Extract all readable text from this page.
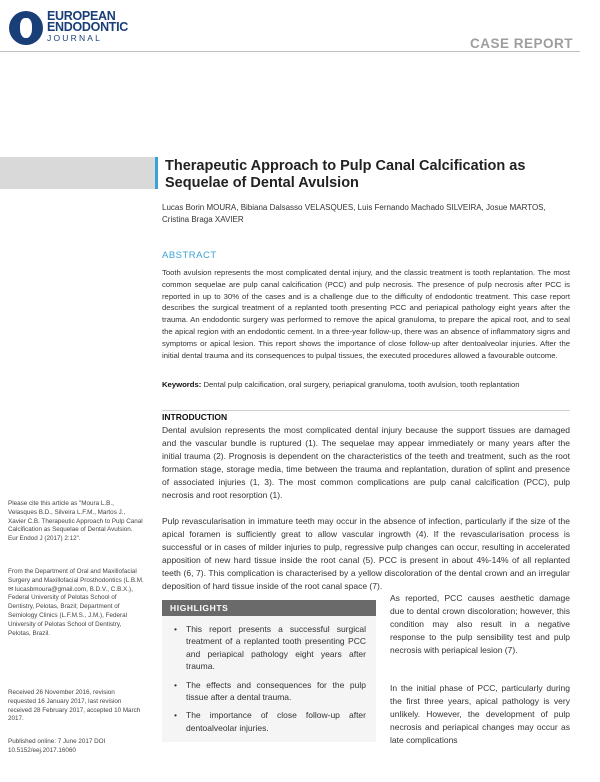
EUROPEAN
ENDODONTIC
JOURNAL	CASE REPORT
Therapeutic Approach to Pulp Canal Calcification as Sequelae of Dental Avulsion
Lucas Borin MOURA, Bibiana Dalsasso VELASQUES, Luis Fernando Machado SILVEIRA, Josue MARTOS, Cristina Braga XAVIER
ABSTRACT

Tooth avulsion represents the most complicated dental injury, and the classic treatment is tooth replantation. The most common sequelae are pulp canal calcification (PCC) and pulp necrosis. The presence of pulp necrosis after PCC is reported in up to 30% of the cases and is a challenge due to the difficulty of endodontic treatment. This case report describes the surgical treatment of a replanted tooth presenting PCC and periapical pathology eight years after the trauma. An endodontic surgery was performed to remove the apical granuloma, to prepare the apical root, and to seal the apical region with an endodontic cement. In a three-year follow-up, there was an absence of inflammatory signs and symptoms or apical lesion. This report shows the importance of close follow-up after dentoalveolar injuries. After the initial dental trauma and its consequences to pulpal tissues, the executed procedures allowed a favourable outcome.

Keywords: Dental pulp calcification, oral surgery, periapical granuloma, tooth avulsion, tooth replantation

INTRODUCTION

Dental avulsion represents the most complicated dental injury because the support tissues are damaged and the vascular bundle is ruptured (1). The sequelae may appear immediately or many years after the initial trauma (2). Prognosis is dependent on the characteristics of the teeth and treatment, such as the root formation stage, storage media, time between the trauma and replantation, duration of splint and presence of associated injuries (1, 3). The most common complications are pulp canal calcification (PCC), pulp necrosis and root resorption (1).

Pulp revascularisation in immature teeth may occur in the absence of infection, particularly if the size of the apical foramen is sufficiently great to allow vascular ingrowth (4). If the revascularisation process is successful or in cases of milder injuries to pulp, regressive pulp changes can occur, resulting in accelerated apposition of new hard tissue inside the root canal (5). PCC is present in about 4%-14% of all replanted teeth (6, 7). This complication is characterised by a yellow discoloration of the dental crown and an irregular deposition of hard tissue inside of the root canal space (7).

As reported, PCC causes aesthetic damage due to dental crown discoloration; however, this condition may also result in a negative response to the pulp sensibility test and pulp necrosis with periapical lesion (7).

In the initial phase of PCC, particularly during the first three years, apical pathology is very unlikely. However, the development of pulp necrosis and periapical changes may occur as late complications

Please cite this article as "Moura L.B., Velasques B.D., Silveira L.F.M., Martos J., Xavier C.B. Therapeutic Approach to Pulp Canal Calcification as Sequelae of Dental Avulsion. Eur Endod J (2017) 2:12".
From the Department of Oral and Maxillofacial Surgery and Maxillofacial Prosthodontics (L.B.M. ✉ lucasbmoura@gmail.com, B.D.V., C.B.X.), Federal University of Pelotas School of Dentistry, Pelotas, Brazil; Department of Semiology Clinics (L.F.M.S., J.M.), Federal University of Pelotas School of Dentistry, Pelotas, Brazil.
Received 26 November 2016, revision requested 16 January 2017, last revision received 28 February 2017, accepted 10 March 2017.
Published online: 7 June 2017 DOI 10.5152/eej.2017.16060
HIGHLIGHTS
• This report presents a successful surgical treatment of a replanted tooth presenting PCC and periapical pathology eight years after trauma.
• The effects and consequences for the pulp tissue after a dental trauma.
• The importance of close follow-up after dentoalveolar injuries.
